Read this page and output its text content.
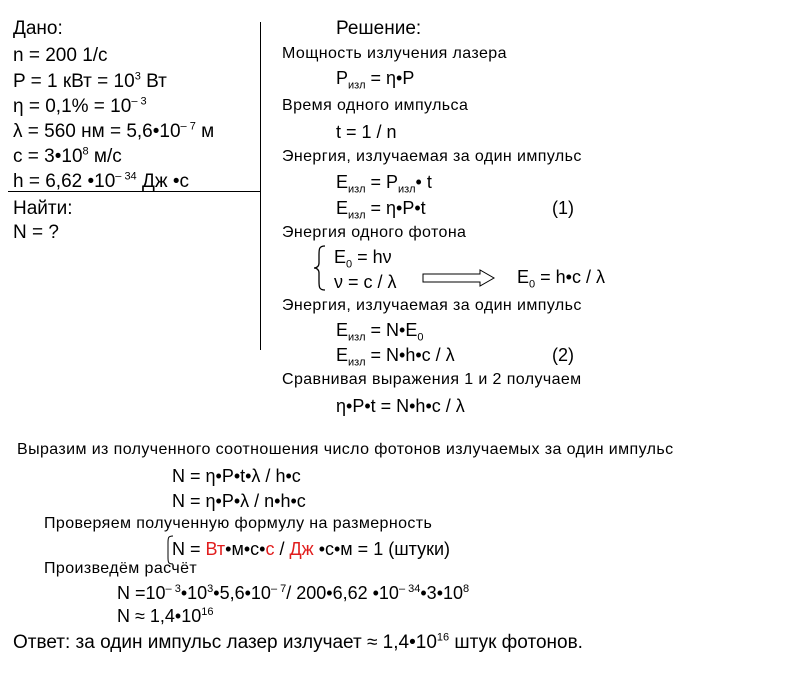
Дано:
n = 200 1/с
P = 1 кВт = $10^3$ Вт
$\eta = 0,1\% = 10^{- 3}$
λ = 560 нм = $5,6•10^{- 7}$ м
$c = 3•10^8$ м/с
h = 6,62 $•10^{- 34}$ Дж •с
Найти:
N = ?
Решение:
Мощность излучения лазера
$P_{изл}$ = η•P
Время одного импульса
t = 1 / n
Энергия, излучаемая за один импульс
$E_{изл}$ = $P_{изл}•$ t
$E_{изл}$ = η•P•t	(1)
Энергия одного фотона
$E_0 = h\nu$
ν = c / λ	$E_0$ = h•c / λ
Энергия, излучаемая за один импульс
$E_{изл}$ = $N•E_0$
$E_{изл}$ = N•h•c / λ	(2)
Сравнивая выражения 1 и 2 получаем
η•P•t = N•h•c / λ
Выразим из полученного соотношения число фотонов излучаемых за один импульс
N = η•P•t•λ / h•c
N = η•P•λ / n•h•c
Проверяем полученную формулу на размерность
N = Вт•м•с•с / Дж •с•м = 1 (штуки)
Произведём расчёт
$N =10^{- 3}•10^3•5,6•10^{- 7}/$ 200•6,62 $•10^{- 34}•3•10^8$
$N \approx 1,4•10^{16}$
Ответ: за один импульс лазер излучает ≈ $1,4•10^{16}$ штук фотонов.
